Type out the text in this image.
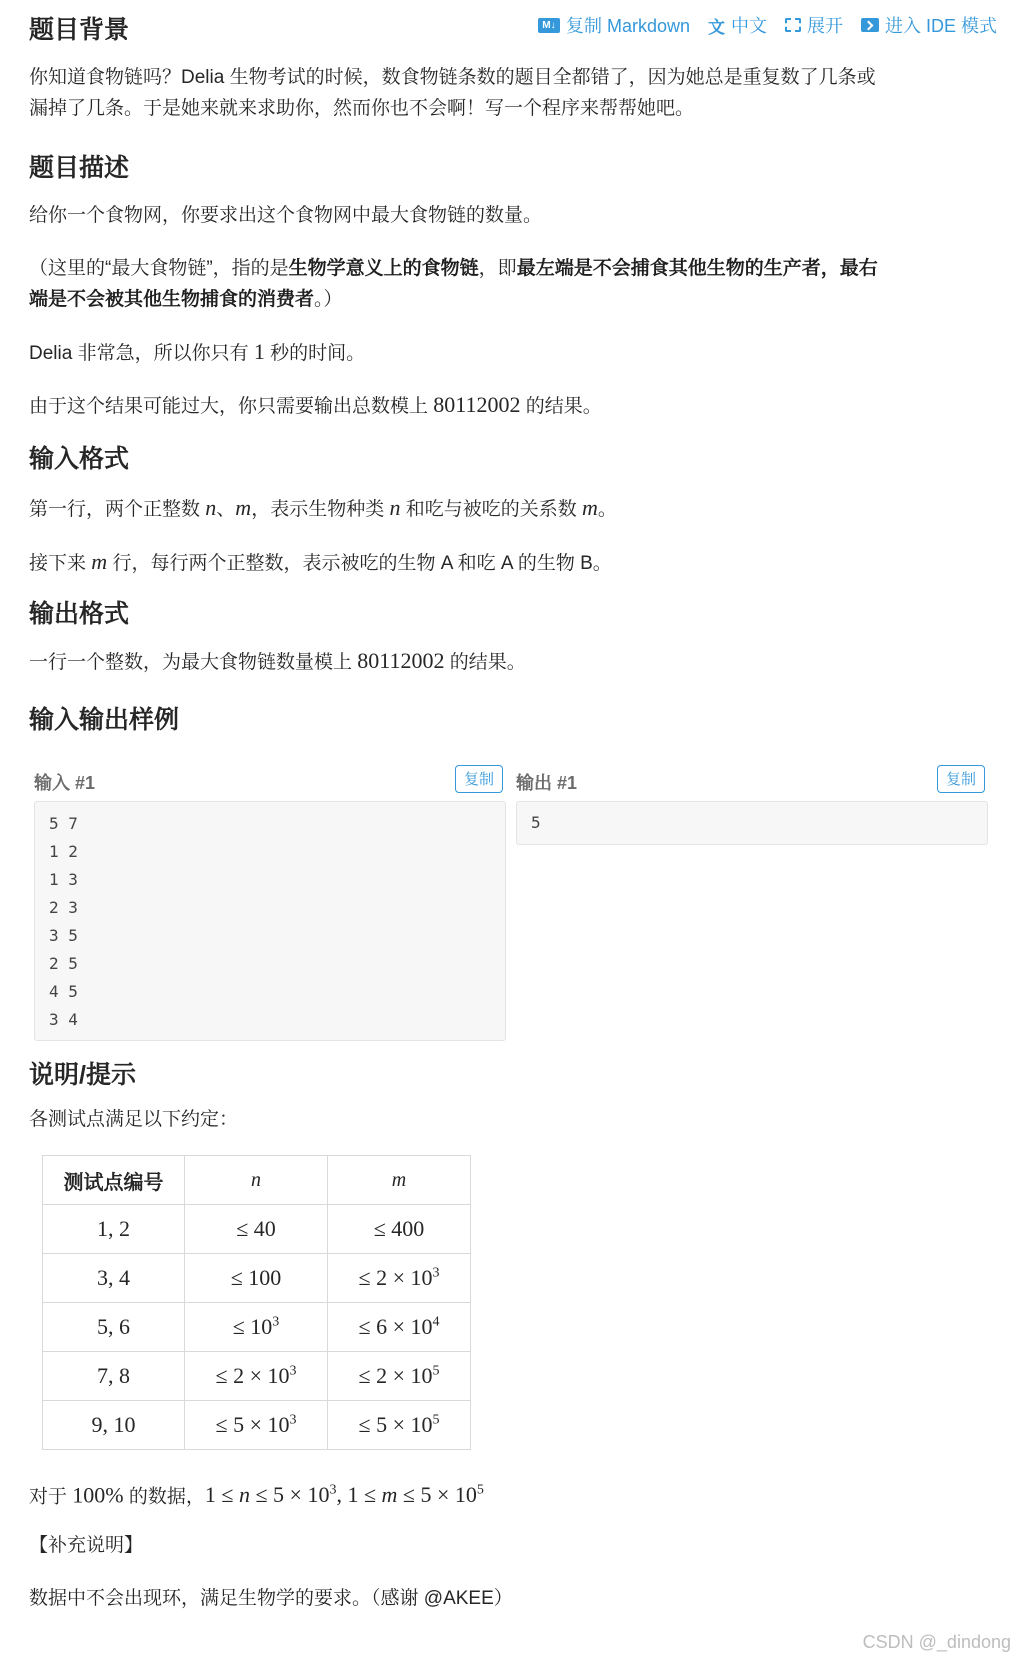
题目背景	M↓ 复制 Markdown 文 中文 展开 进入 IDE 模式

你知道食物链吗？Delia 生物考试的时候，数食物链条数的题目全都错了，因为她总是重复数了几条或
漏掉了几条。于是她来就来求助你，然而你也不会啊！写一个程序来帮帮她吧。

题目描述

给你一个食物网，你要求出这个食物网中最大食物链的数量。

（这里的“最大食物链”，指的是生物学意义上的食物链，即最左端是不会捕食其他生物的生产者，最右
端是不会被其他生物捕食的消费者。）

Delia 非常急，所以你只有 1 秒的时间。

由于这个结果可能过大，你只需要输出总数模上 80112002 的结果。

输入格式

第一行，两个正整数 n、m，表示生物种类 n 和吃与被吃的关系数 m。

接下来 m 行，每行两个正整数，表示被吃的生物 A 和吃 A 的生物 B。

输出格式

一行一个整数，为最大食物链数量模上 80112002 的结果。

输入输出样例
输入 #1	复制
5 7
1 2
1 3
2 3
3 5
2 5
4 5
3 4
输出 #1	复制
5
说明/提示

各测试点满足以下约定：

测试点编号	n	m
1, 2	≤ 40	≤ 400
3, 4	≤ 100	≤ $2 \times 10^3$
5, 6	≤ $10^3$	≤ $6 \times 10^4$
7, 8	≤ $2 \times 10^3$	≤ $2 \times 10^5$
9, 10	≤ $5 \times 10^3$	≤ $5 \times 10^5$

对于 100% 的数据，$1 \le n \le 5 \times 10^3$, $1 \le m \le 5 \times 10^5$

【补充说明】

数据中不会出现环，满足生物学的要求。（感谢 @AKEE）

CSDN @_dindong
